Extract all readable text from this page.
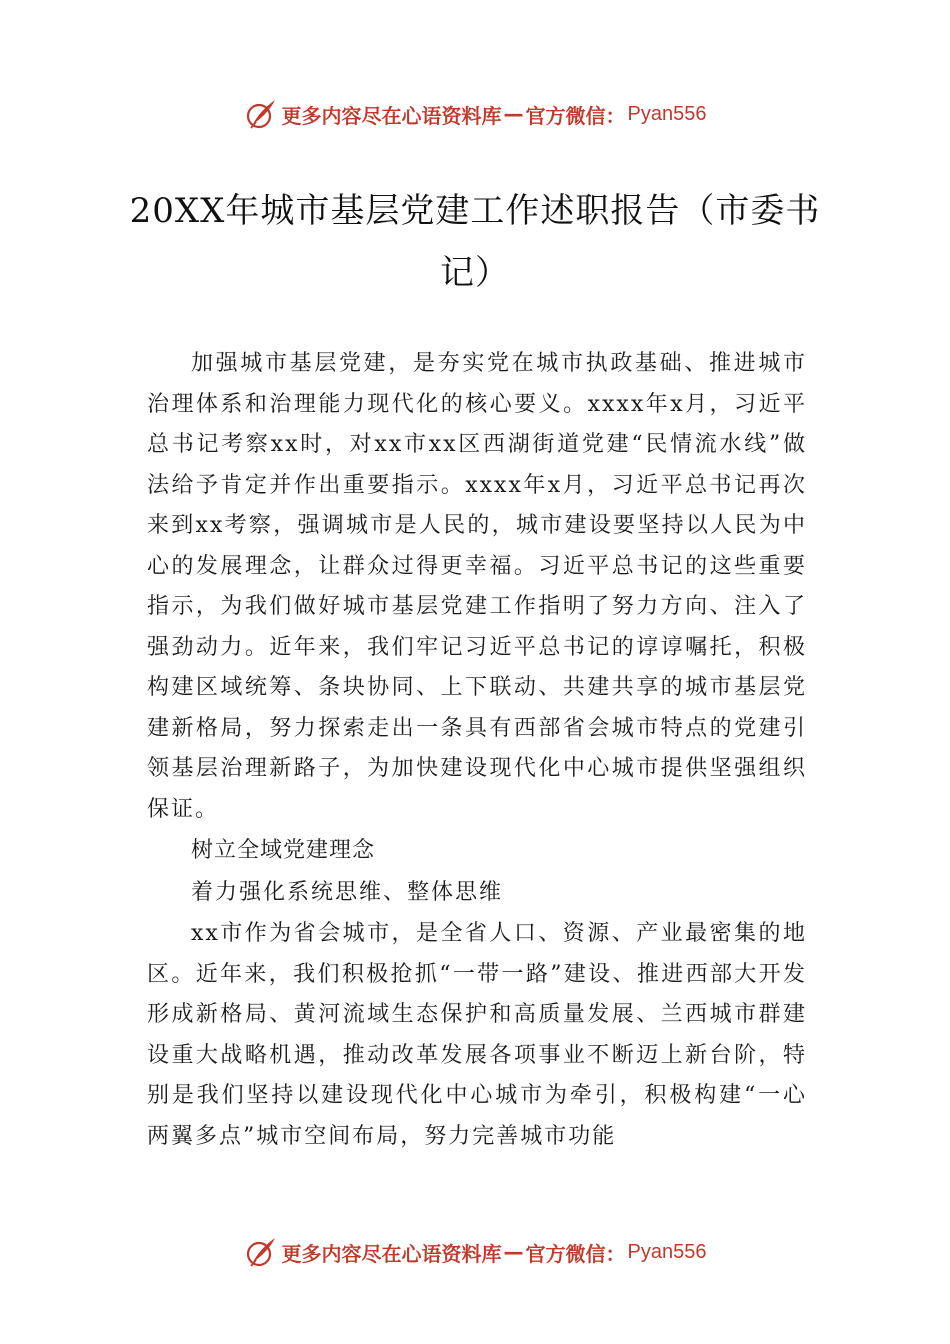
更多内容尽在心语资料库 — 官方微信： Pyan556
20XX年城市基层党建工作述职报告（市委书记）

加强城市基层党建，是夯实党在城市执政基础、推进城市治理体系和治理能力现代化的核心要义。xxxx年x月，习近平总书记考察xx时，对xx市xx区西湖街道党建“民情流水线”做法给予肯定并作出重要指示。xxxx年x月，习近平总书记再次来到xx考察，强调城市是人民的，城市建设要坚持以人民为中心的发展理念，让群众过得更幸福。习近平总书记的这些重要指示，为我们做好城市基层党建工作指明了努力方向、注入了强劲动力。近年来，我们牢记习近平总书记的谆谆嘱托，积极构建区域统筹、条块协同、上下联动、共建共享的城市基层党建新格局，努力探索走出一条具有西部省会城市特点的党建引领基层治理新路子，为加快建设现代化中心城市提供坚强组织保证。

树立全域党建理念

着力强化系统思维、整体思维

xx市作为省会城市，是全省人口、资源、产业最密集的地区。近年来，我们积极抢抓“一带一路”建设、推进西部大开发形成新格局、黄河流域生态保护和高质量发展、兰西城市群建设重大战略机遇，推动改革发展各项事业不断迈上新台阶，特别是我们坚持以建设现代化中心城市为牵引，积极构建“一心两翼多点”城市空间布局，努力完善城市功能

更多内容尽在心语资料库 — 官方微信： Pyan556
